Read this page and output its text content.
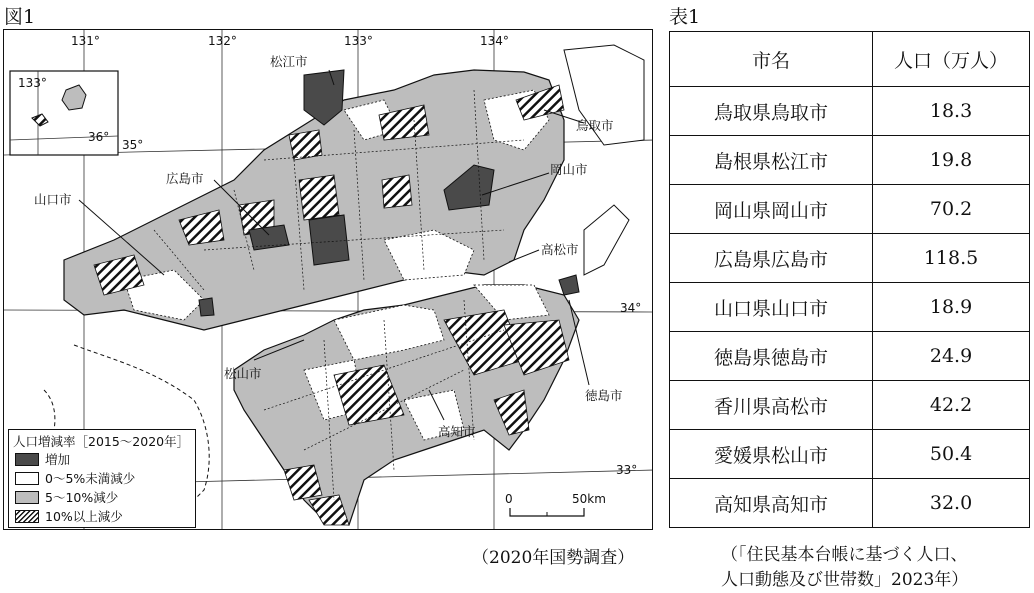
図1
131°	132°	133°	134°
35°
34°
33°
133°
36°
松江市
鳥取市
岡山市
広島市
山口市
高松市
松山市
徳島市
高知市
人口増減率［2015～2020年］
増加
0～5%未満減少
5～10%減少
10%以上減少
0	50km
（2020年国勢調査）
表1
市名	人口（万人）
鳥取県鳥取市	18.3
島根県松江市	19.8
岡山県岡山市	70.2
広島県広島市	118.5
山口県山口市	18.9
徳島県徳島市	24.9
香川県高松市	42.2
愛媛県松山市	50.4
高知県高知市	32.0
（「住民基本台帳に基づく人口、
人口動態及び世帯数」2023年）
